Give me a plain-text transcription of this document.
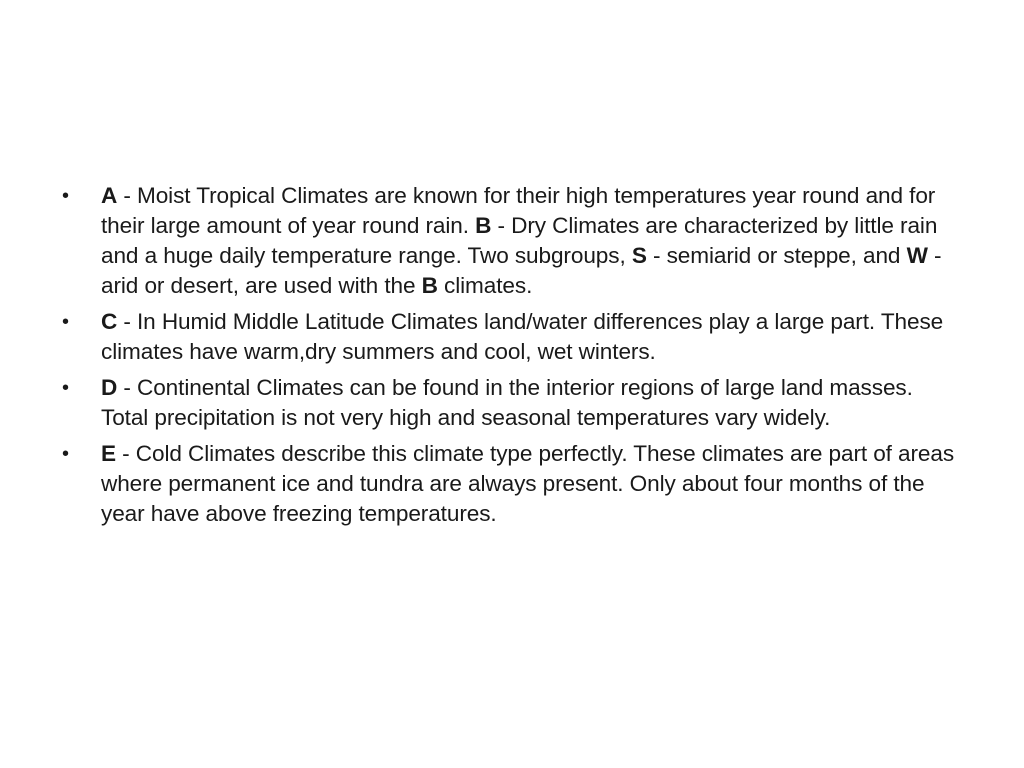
•	A - Moist Tropical Climates are known for their high temperatures year round and for their large amount of year round rain. B - Dry Climates are characterized by little rain and a huge daily temperature range. Two subgroups, S - semiarid or steppe, and W - arid or desert, are used with the B climates.
•	C - In Humid Middle Latitude Climates land/water differences play a large part. These climates have warm,dry summers and cool, wet winters.
•	D - Continental Climates can be found in the interior regions of large land masses. Total precipitation is not very high and seasonal temperatures vary widely.
•	E - Cold Climates describe this climate type perfectly. These climates are part of areas where permanent ice and tundra are always present. Only about four months of the year have above freezing temperatures.
